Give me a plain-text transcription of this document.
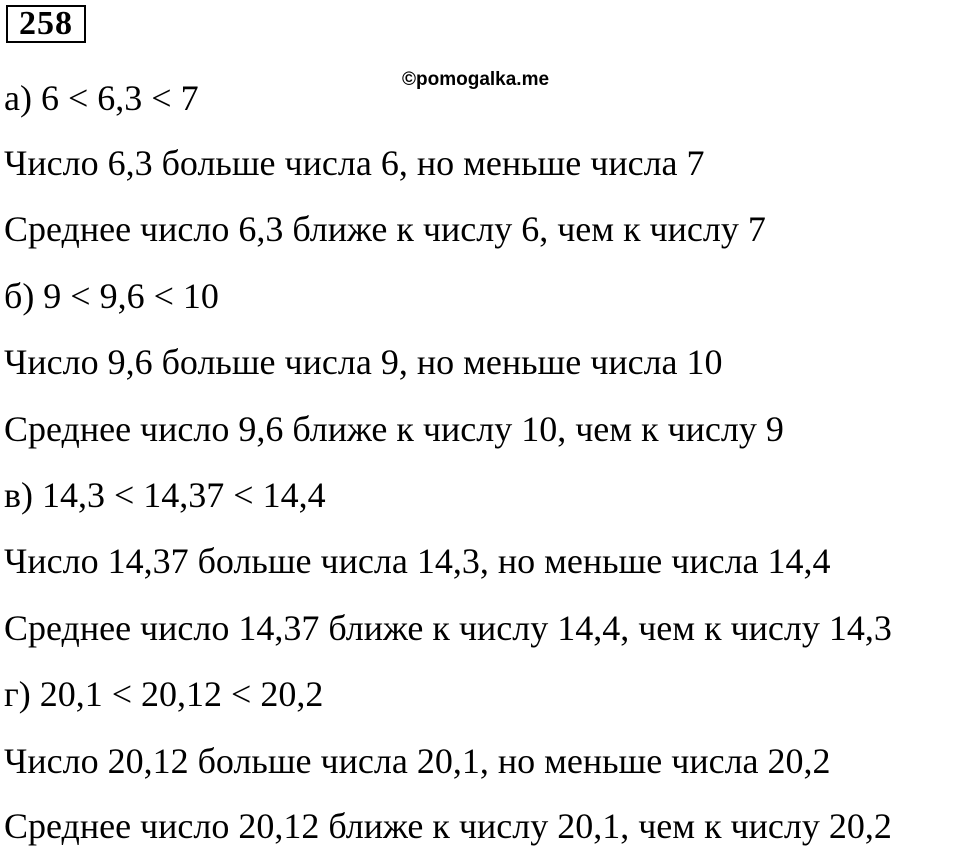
258
©pomogalka.me
а) 6 < 6,3 < 7
Число 6,3 больше числа 6, но меньше числа 7
Среднее число 6,3 ближе к числу 6, чем к числу 7
б) 9 < 9,6 < 10
Число 9,6 больше числа 9, но меньше числа 10
Среднее число 9,6 ближе к числу 10, чем к числу 9
в) 14,3 < 14,37 < 14,4
Число 14,37 больше числа 14,3, но меньше числа 14,4
Среднее число 14,37 ближе к числу 14,4, чем к числу 14,3
г) 20,1 < 20,12 < 20,2
Число 20,12 больше числа 20,1, но меньше числа 20,2
Среднее число 20,12 ближе к числу 20,1, чем к числу 20,2
